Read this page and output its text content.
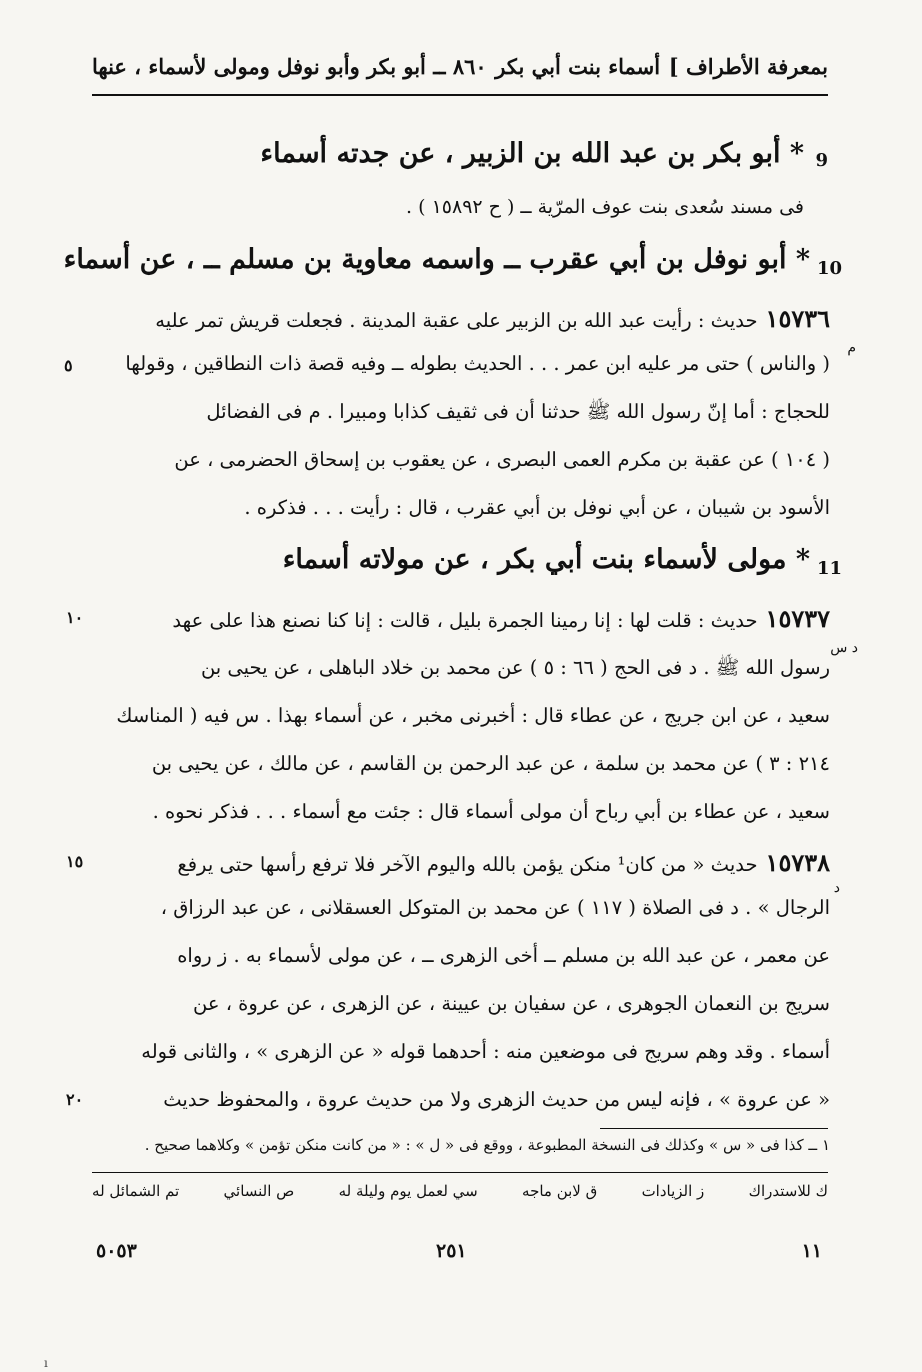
بمعرفة الأطراف ]
أسماء بنت أبي بكر
٨٦٠ ــ أبو بكر وأبو نوفل ومولى لأسماء ، عنها
9
* أبو بكر بن عبد الله بن الزبير ، عن جدته أسماء
فى مسند سُعدى بنت عوف المرّية ــ ( ح ١٥٨٩٢ ) .
10
* أبو نوفل بن أبي عقرب ــ واسمه معاوية بن مسلم ــ ، عن أسماء
١٥٧٣٦حديث : رأيت عبد الله بن الزبير على عقبة المدينة . فجعلت قريش تمر عليه
م
( والناس ) حتى مر عليه ابن عمر . . . الحديث بطوله ــ وفيه قصة ذات النطاقين ، وقولها
٥
للحجاج : أما إنّ رسول الله ﷺ حدثنا أن فى ثقيف كذابا ومبيرا . م فى الفضائل
( ١٠٤ ) عن عقبة بن مكرم العمى البصرى ، عن يعقوب بن إسحاق الحضرمى ، عن
الأسود بن شيبان ، عن أبي نوفل بن أبي عقرب ، قال : رأيت . . . فذكره .
11
* مولى لأسماء بنت أبي بكر ، عن مولاته أسماء
١٥٧٣٧حديث : قلت لها : إنا رمينا الجمرة بليل ، قالت : إنا كنا نصنع هذا على عهد
١٠
د س
رسول الله ﷺ . د فى الحج ( ٦٦ : ٥ ) عن محمد بن خلاد الباهلى ، عن يحيى بن
سعيد ، عن ابن جريج ، عن عطاء قال : أخبرنى مخبر ، عن أسماء بهذا . س فيه ( المناسك
٢١٤ : ٣ ) عن محمد بن سلمة ، عن عبد الرحمن بن القاسم ، عن مالك ، عن يحيى بن
سعيد ، عن عطاء بن أبي رباح أن مولى أسماء قال : جئت مع أسماء . . . فذكر نحوه .
١٥٧٣٨حديث « من كان¹ منكن يؤمن بالله واليوم الآخر فلا ترفع رأسها حتى يرفع
١٥
د
الرجال » . د فى الصلاة ( ١١٧ ) عن محمد بن المتوكل العسقلانى ، عن عبد الرزاق ،
عن معمر ، عن عبد الله بن مسلم ــ أخى الزهرى ــ ، عن مولى لأسماء به . ز رواه
سريج بن النعمان الجوهرى ، عن سفيان بن عيينة ، عن الزهرى ، عن عروة ، عن
أسماء . وقد وهم سريج فى موضعين منه : أحدهما قوله « عن الزهرى » ، والثانى قوله
« عن عروة » ، فإنه ليس من حديث الزهرى ولا من حديث عروة ، والمحفوظ حديث
٢٠
١ ــ كذا فى « س » وكذلك فى النسخة المطبوعة ، ووقع فى « ل » : « من كانت منكن تؤمن » وكلاهما صحيح .
تم الشمائل له	ص النسائي	سي لعمل يوم وليلة له	ق لابن ماجه	ز الزيادات	ك للاستدراك
١١
٢٥١
٥٠٥٣
ı
